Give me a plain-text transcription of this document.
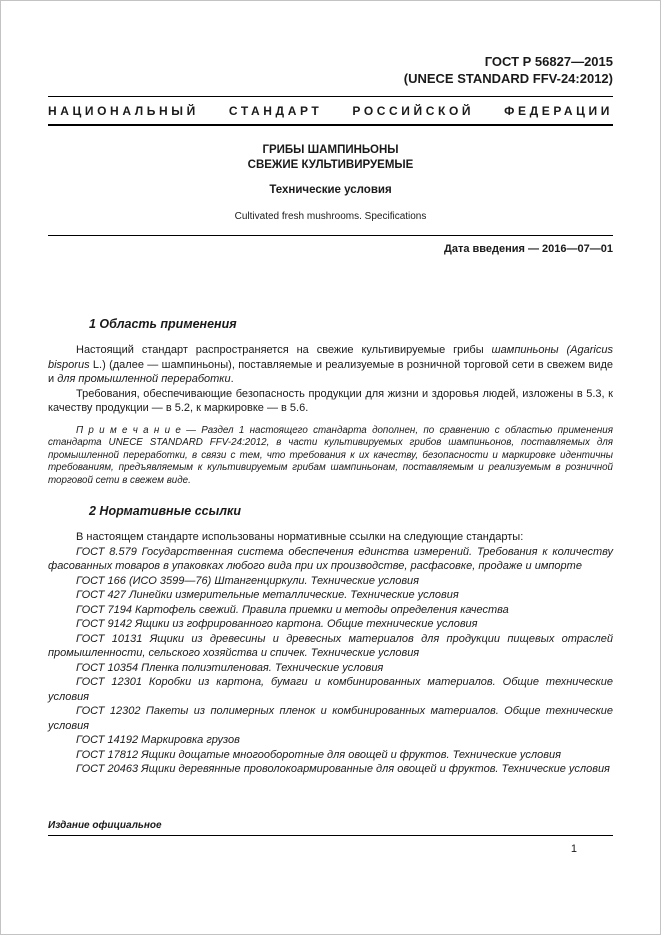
ГОСТ Р 56827—2015
(UNECE STANDARD FFV-24:2012)
НАЦИОНАЛЬНЫЙ СТАНДАРТ РОССИЙСКОЙ ФЕДЕРАЦИИ
ГРИБЫ ШАМПИНЬОНЫ
СВЕЖИЕ КУЛЬТИВИРУЕМЫЕ
Технические условия
Cultivated fresh mushrooms. Specifications
Дата введения — 2016—07—01
1 Область применения

Настоящий стандарт распространяется на свежие культивируемые грибы шампиньоны (Agaricus bisporus L.) (далее — шампиньоны), поставляемые и реализуемые в розничной торговой сети в свежем виде и для промышленной переработки.

Требования, обеспечивающие безопасность продукции для жизни и здоровья людей, изложены в 5.3, к качеству продукции — в 5.2, к маркировке — в 5.6.

П р и м е ч а н и е — Раздел 1 настоящего стандарта дополнен, по сравнению с областью применения стандарта UNECE STANDARD FFV-24:2012, в части культивируемых грибов шампиньонов, поставляемых для промышленной переработки, в связи с тем, что требования к их качеству, безопасности и маркировке идентичны требованиям, предъявляемым к культивируемым грибам шампиньонам, поставляемым и реализуемым в розничной торговой сети в свежем виде.

2 Нормативные ссылки

В настоящем стандарте использованы нормативные ссылки на следующие стандарты:

ГОСТ 8.579 Государственная система обеспечения единства измерений. Требования к количеству фасованных товаров в упаковках любого вида при их производстве, расфасовке, продаже и импорте

ГОСТ 166 (ИСО 3599—76) Штангенциркули. Технические условия

ГОСТ 427 Линейки измерительные металлические. Технические условия

ГОСТ 7194 Картофель свежий. Правила приемки и методы определения качества

ГОСТ 9142 Ящики из гофрированного картона. Общие технические условия

ГОСТ 10131 Ящики из древесины и древесных материалов для продукции пищевых отраслей промышленности, сельского хозяйства и спичек. Технические условия

ГОСТ 10354 Пленка полиэтиленовая. Технические условия

ГОСТ 12301 Коробки из картона, бумаги и комбинированных материалов. Общие технические условия

ГОСТ 12302 Пакеты из полимерных пленок и комбинированных материалов. Общие технические условия

ГОСТ 14192 Маркировка грузов

ГОСТ 17812 Ящики дощатые многооборотные для овощей и фруктов. Технические условия

ГОСТ 20463 Ящики деревянные проволокоармированные для овощей и фруктов. Технические условия

Издание официальное

1
